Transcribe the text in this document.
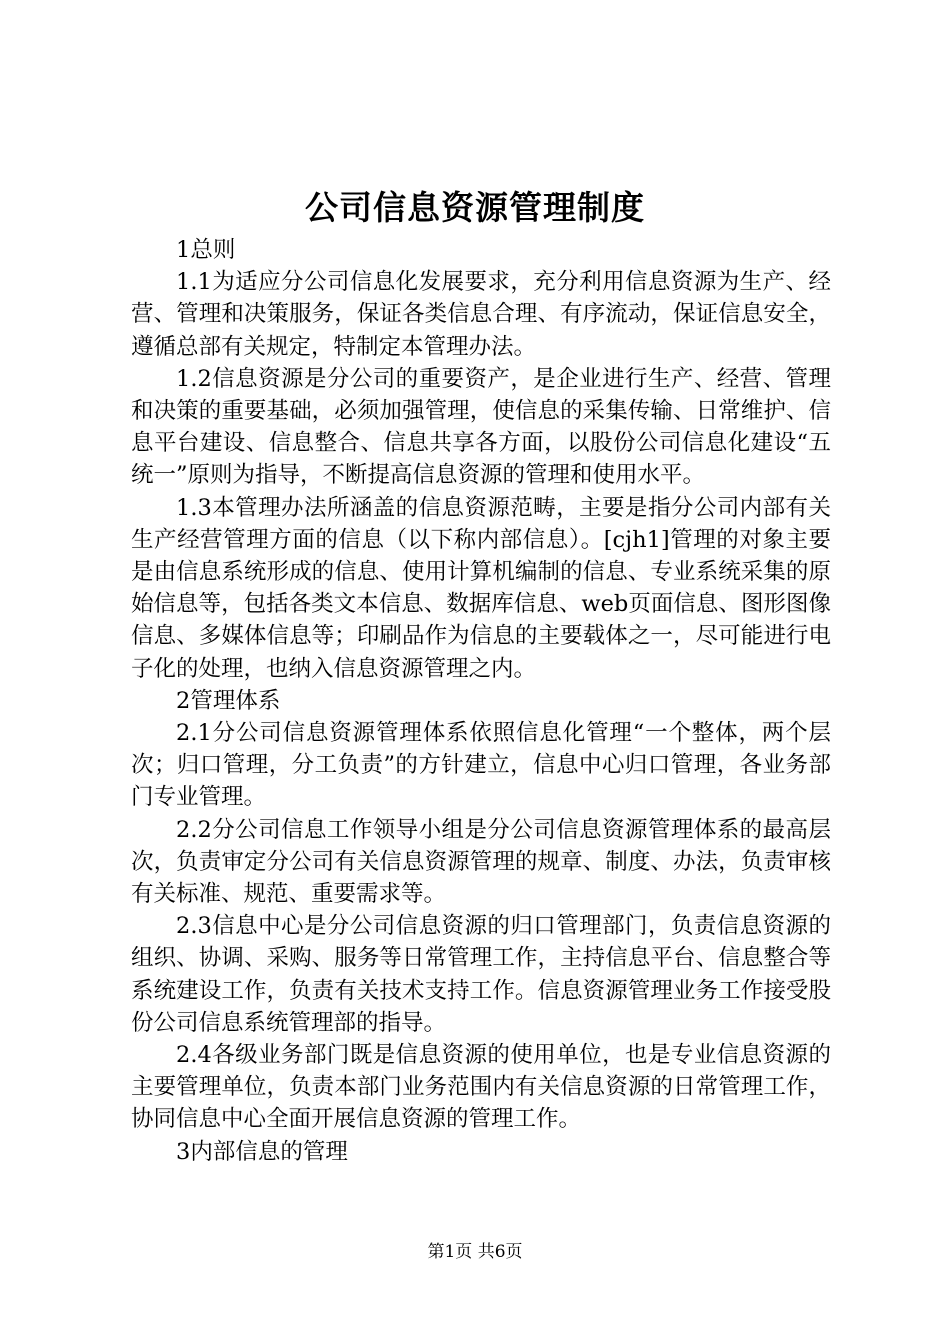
公司信息资源管理制度

1总则

1.1为适应分公司信息化发展要求，充分利用信息资源为生产、经营、管理和决策服务，保证各类信息合理、有序流动，保证信息安全，遵循总部有关规定，特制定本管理办法。

1.2信息资源是分公司的重要资产，是企业进行生产、经营、管理和决策的重要基础，必须加强管理，使信息的采集传输、日常维护、信息平台建设、信息整合、信息共享各方面，以股份公司信息化建设“五统一”原则为指导，不断提高信息资源的管理和使用水平。

1.3本管理办法所涵盖的信息资源范畴，主要是指分公司内部有关生产经营管理方面的信息（以下称内部信息）。[cjh1]管理的对象主要是由信息系统形成的信息、使用计算机编制的信息、专业系统采集的原始信息等，包括各类文本信息、数据库信息、web页面信息、图形图像信息、多媒体信息等；印刷品作为信息的主要载体之一，尽可能进行电子化的处理，也纳入信息资源管理之内。

2管理体系

2.1分公司信息资源管理体系依照信息化管理“一个整体，两个层次；归口管理，分工负责”的方针建立，信息中心归口管理，各业务部门专业管理。

2.2分公司信息工作领导小组是分公司信息资源管理体系的最高层次，负责审定分公司有关信息资源管理的规章、制度、办法，负责审核有关标准、规范、重要需求等。

2.3信息中心是分公司信息资源的归口管理部门，负责信息资源的组织、协调、采购、服务等日常管理工作，主持信息平台、信息整合等系统建设工作，负责有关技术支持工作。信息资源管理业务工作接受股份公司信息系统管理部的指导。

2.4各级业务部门既是信息资源的使用单位，也是专业信息资源的主要管理单位，负责本部门业务范围内有关信息资源的日常管理工作，协同信息中心全面开展信息资源的管理工作。

3内部信息的管理

第1页 共6页
